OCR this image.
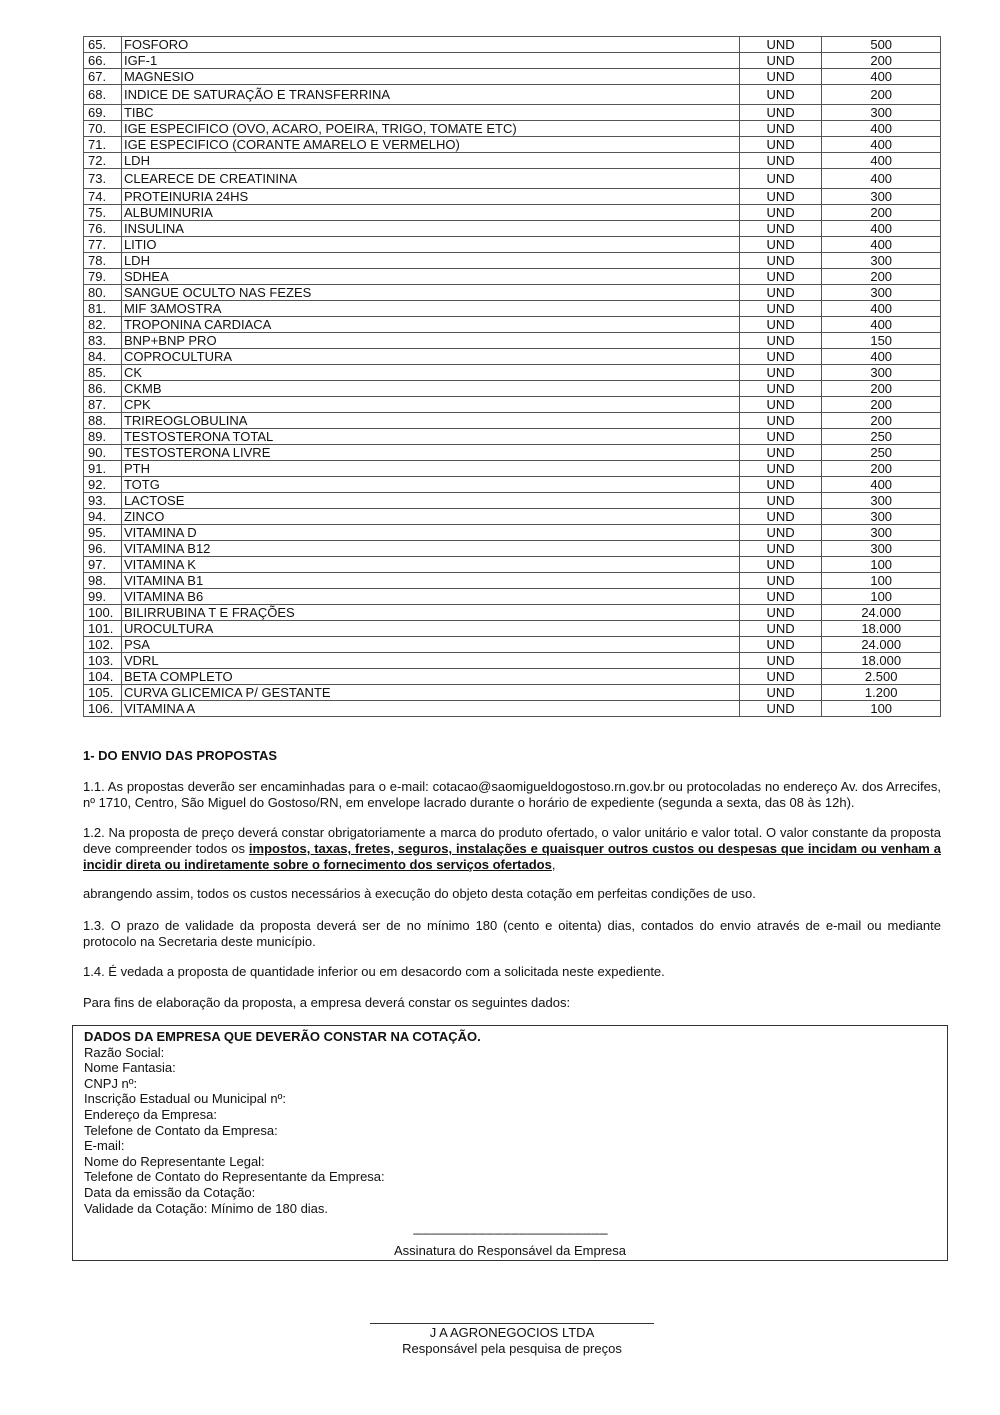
65.	FOSFORO	UND	500
66.	IGF-1	UND	200
67.	MAGNESIO	UND	400
68.	INDICE DE SATURAÇÃO E TRANSFERRINA	UND	200
69.	TIBC	UND	300
70.	IGE ESPECIFICO (OVO, ACARO, POEIRA, TRIGO, TOMATE ETC)	UND	400
71.	IGE ESPECIFICO (CORANTE AMARELO E VERMELHO)	UND	400
72.	LDH	UND	400
73.	CLEARECE DE CREATININA	UND	400
74.	PROTEINURIA 24HS	UND	300
75.	ALBUMINURIA	UND	200
76.	INSULINA	UND	400
77.	LITIO	UND	400
78.	LDH	UND	300
79.	SDHEA	UND	200
80.	SANGUE OCULTO NAS FEZES	UND	300
81.	MIF 3AMOSTRA	UND	400
82.	TROPONINA CARDIACA	UND	400
83.	BNP+BNP PRO	UND	150
84.	COPROCULTURA	UND	400
85.	CK	UND	300
86.	CKMB	UND	200
87.	CPK	UND	200
88.	TRIREOGLOBULINA	UND	200
89.	TESTOSTERONA TOTAL	UND	250
90.	TESTOSTERONA LIVRE	UND	250
91.	PTH	UND	200
92.	TOTG	UND	400
93.	LACTOSE	UND	300
94.	ZINCO	UND	300
95.	VITAMINA D	UND	300
96.	VITAMINA B12	UND	300
97.	VITAMINA K	UND	100
98.	VITAMINA B1	UND	100
99.	VITAMINA B6	UND	100
100.	BILIRRUBINA T E FRAÇÕES	UND	24.000
101.	UROCULTURA	UND	18.000
102.	PSA	UND	24.000
103.	VDRL	UND	18.000
104.	BETA COMPLETO	UND	2.500
105.	CURVA GLICEMICA P/ GESTANTE	UND	1.200
106.	VITAMINA A	UND	100
1- DO ENVIO DAS PROPOSTAS
1.1. As propostas deverão ser encaminhadas para o e-mail: cotacao@saomigueldogostoso.rn.gov.br ou protocoladas no endereço Av. dos Arrecifes, nº 1710, Centro, São Miguel do Gostoso/RN, em envelope lacrado durante o horário de expediente (segunda a sexta, das 08 às 12h).
1.2. Na proposta de preço deverá constar obrigatoriamente a marca do produto ofertado, o valor unitário e valor total. O valor constante da proposta deve compreender todos os impostos, taxas, fretes, seguros, instalações e quaisquer outros custos ou despesas que incidam ou venham a incidir direta ou indiretamente sobre o fornecimento dos serviços ofertados,
abrangendo assim, todos os custos necessários à execução do objeto desta cotação em perfeitas condições de uso.
1.3. O prazo de validade da proposta deverá ser de no mínimo 180 (cento e oitenta) dias, contados do envio através de e-mail ou mediante protocolo na Secretaria deste município.
1.4. É vedada a proposta de quantidade inferior ou em desacordo com a solicitada neste expediente.
Para fins de elaboração da proposta, a empresa deverá constar os seguintes dados:
DADOS DA EMPRESA QUE DEVERÃO CONSTAR NA COTAÇÃO.
Razão Social:
Nome Fantasia:
CNPJ nº:
Inscrição Estadual ou Municipal nº:
Endereço da Empresa:
Telefone de Contato da Empresa:
E-mail:
Nome do Representante Legal:
Telefone de Contato do Representante da Empresa:
Data da emissão da Cotação:
Validade da Cotação: Mínimo de 180 dias.
-------------------------------------------------------------------------
Assinatura do Responsável da Empresa
J A AGRONEGOCIOS LTDA
Responsável pela pesquisa de preços
